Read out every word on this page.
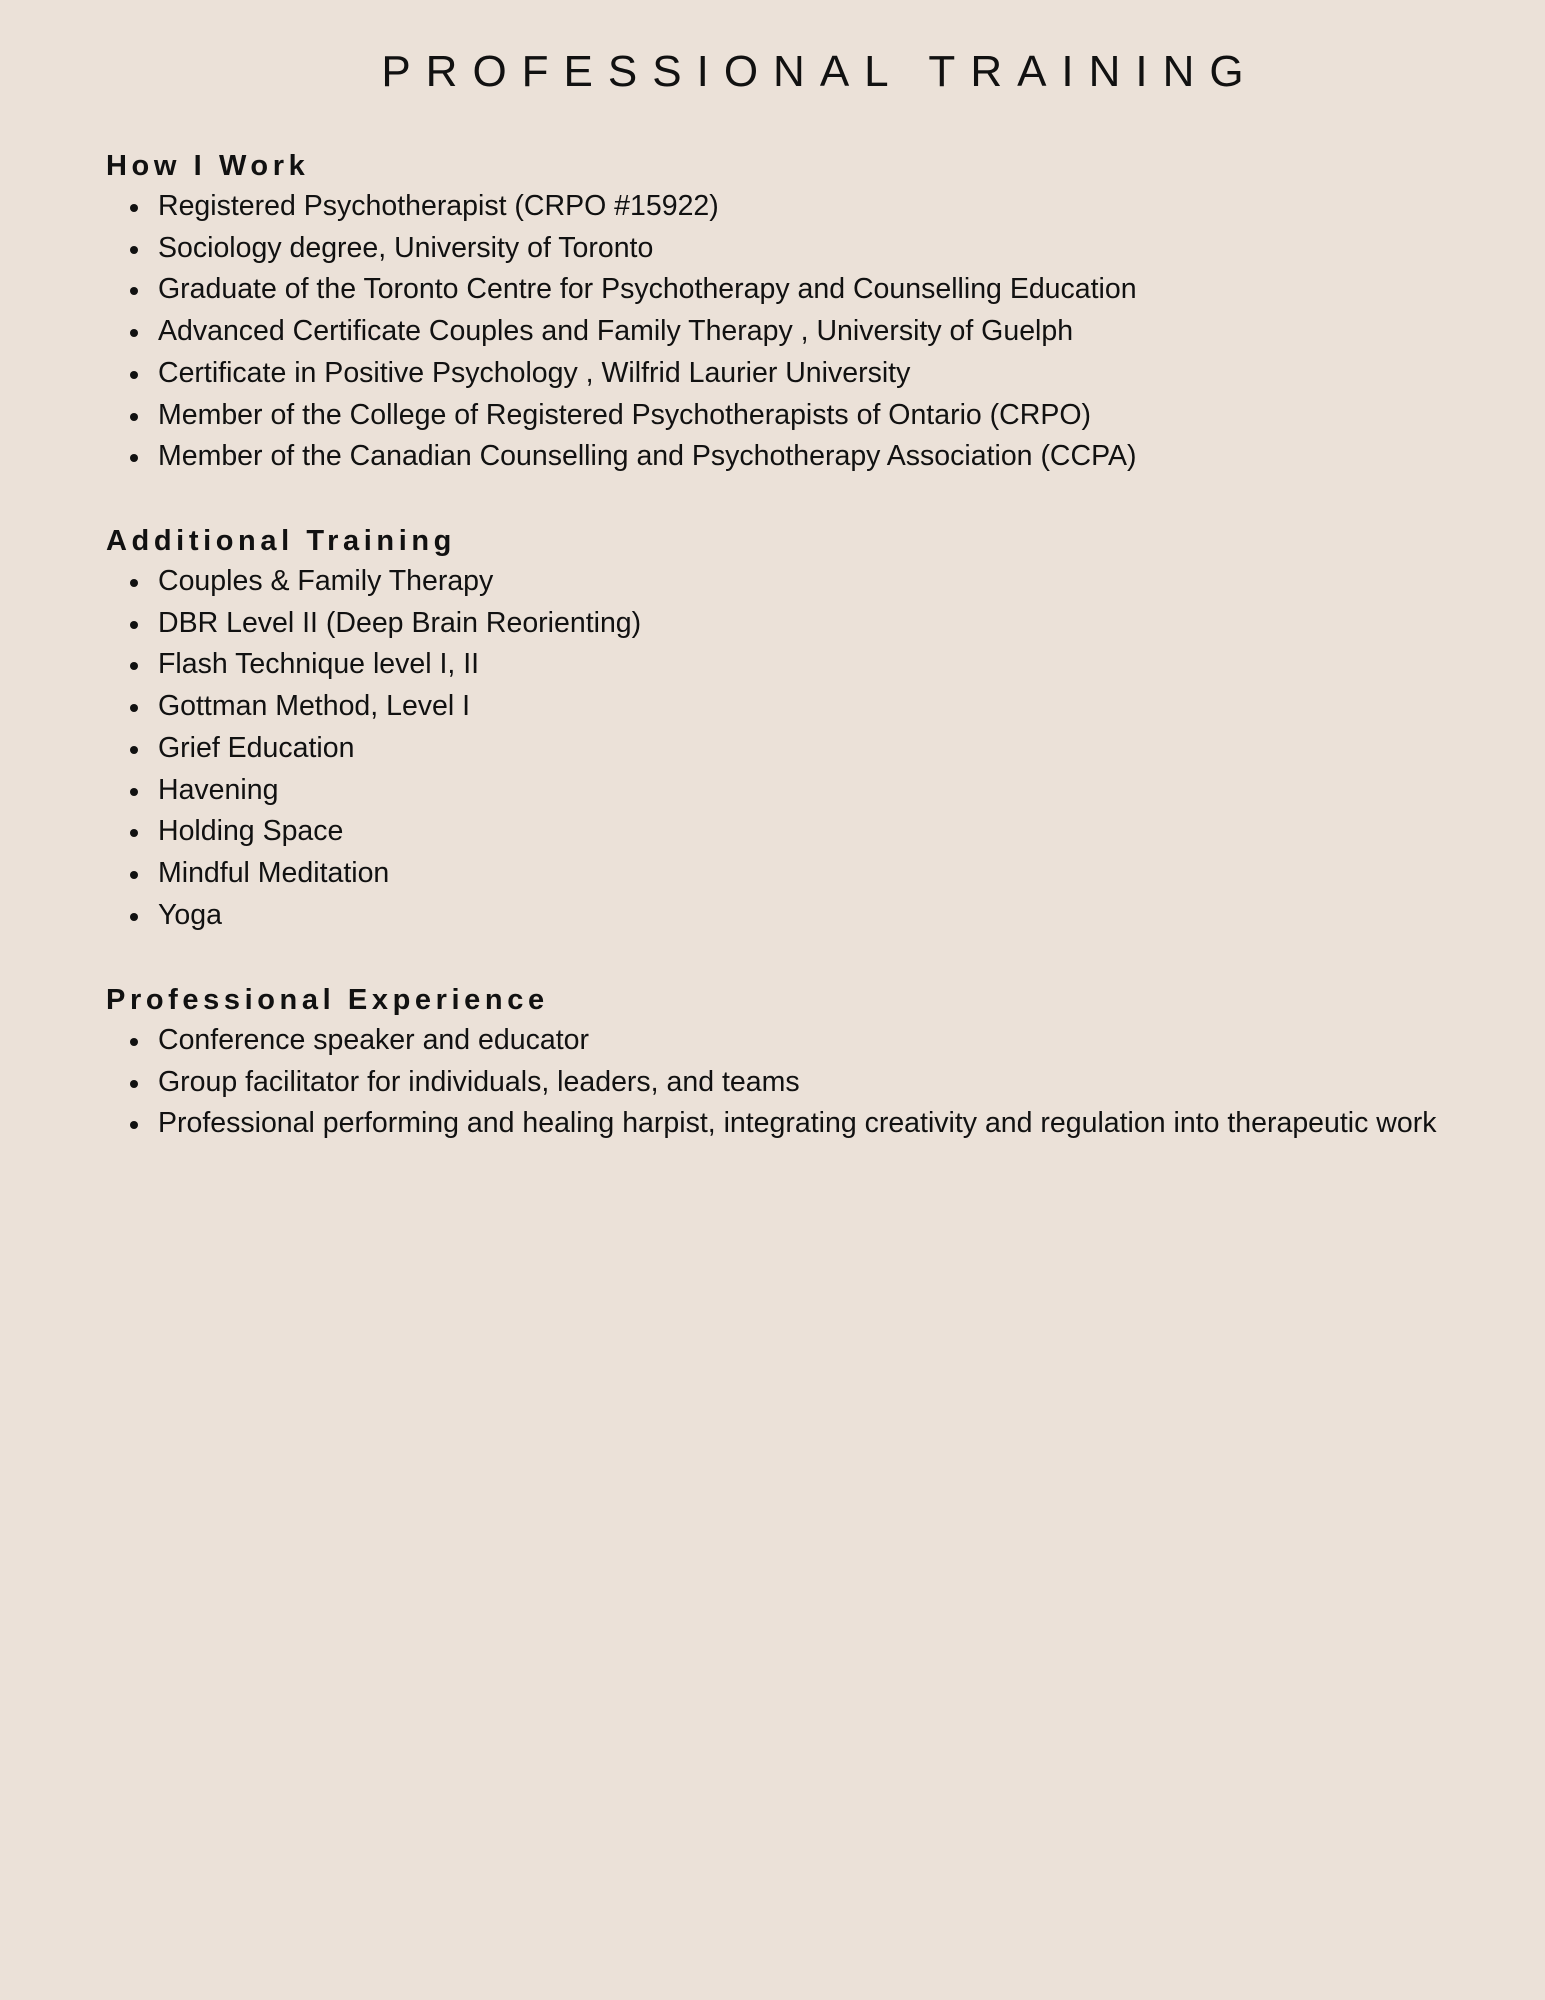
PROFESSIONAL TRAINING
How I Work
Registered Psychotherapist (CRPO #15922)
Sociology degree, University of Toronto
Graduate of the Toronto Centre for Psychotherapy and Counselling Education
Advanced Certificate Couples and Family Therapy , University of Guelph
Certificate in Positive Psychology , Wilfrid Laurier University
Member of the College of Registered Psychotherapists of Ontario (CRPO)
Member of the Canadian Counselling and Psychotherapy Association (CCPA)
Additional Training
Couples & Family Therapy
DBR Level II (Deep Brain Reorienting)
Flash Technique level I, II
Gottman Method, Level I
Grief Education
Havening
Holding Space
Mindful Meditation
Yoga
Professional Experience
Conference speaker and educator
Group facilitator for individuals, leaders, and teams
Professional performing and healing harpist, integrating creativity and regulation into therapeutic work
